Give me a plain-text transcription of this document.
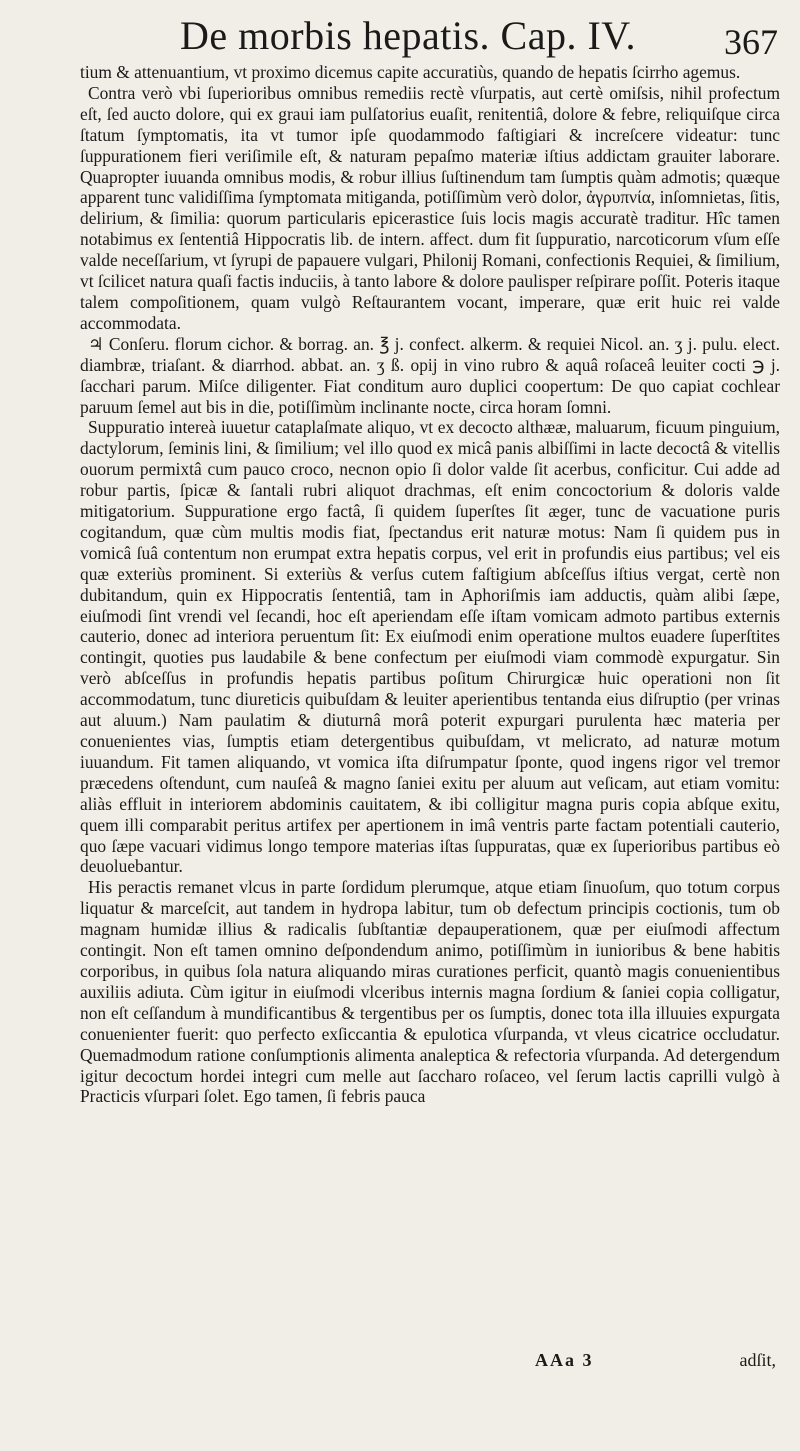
De morbis hepatis. Cap. IV. 367

tium & attenuantium, vt proximo dicemus capite accuratiùs, quando de hepatis ſcirrho agemus.

Contra verò vbi ſuperioribus omnibus remediis rectè vſurpatis, aut certè omiſsis, nihil profectum eſt, ſed aucto dolore, qui ex graui iam pulſatorius euaſit, renitentiâ, dolore & febre, reliquiſque circa ſtatum ſymptomatis, ita vt tumor ipſe quodammodo faſtigiari & increſcere videatur: tunc ſuppurationem fieri veriſimile eſt, & naturam pepaſmo materiæ iſtius addictam grauiter laborare. Quapropter iuuanda omnibus modis, & robur illius ſuſtinendum tam ſumptis quàm admotis; quæque apparent tunc validiſſima ſymptomata mitiganda, potiſſimùm verò dolor, ἀγρυπνία, inſomnietas, ſitis, delirium, & ſimilia: quorum particularis epicerastice ſuis locis magis accuratè traditur. Hîc tamen notabimus ex ſententiâ Hippocratis lib. de intern. affect. dum fit ſuppuratio, narcoticorum vſum eſſe valde neceſſarium, vt ſyrupi de papauere vulgari, Philonij Romani, confectionis Requiei, & ſimilium, vt ſcilicet natura quaſi factis induciis, à tanto labore & dolore paulisper reſpirare poſſit. Poteris itaque talem compoſitionem, quam vulgò Reſtaurantem vocant, imperare, quæ erit huic rei valde accommodata.

♃ Conſeru. florum cichor. & borrag. an. ℥ j. confect. alkerm. & requiei Nicol. an. ʒ j. pulu. elect. diambræ, triaſant. & diarrhod. abbat. an. ʒ ß. opij in vino rubro & aquâ roſaceâ leuiter cocti ℈ j. ſacchari parum. Miſce diligenter. Fiat conditum auro duplici coopertum: De quo capiat cochlear paruum ſemel aut bis in die, potiſſimùm inclinante nocte, circa horam ſomni.

Suppuratio intereà iuuetur cataplaſmate aliquo, vt ex decocto althææ, maluarum, ficuum pinguium, dactylorum, ſeminis lini, & ſimilium; vel illo quod ex micâ panis albiſſimi in lacte decoctâ & vitellis ouorum permixtâ cum pauco croco, necnon opio ſi dolor valde ſit acerbus, conficitur. Cui adde ad robur partis, ſpicæ & ſantali rubri aliquot drachmas, eſt enim concoctorium & doloris valde mitigatorium. Suppuratione ergo factâ, ſi quidem ſuperſtes ſit æger, tunc de vacuatione puris cogitandum, quæ cùm multis modis fiat, ſpectandus erit naturæ motus: Nam ſi quidem pus in vomicâ ſuâ contentum non erumpat extra hepatis corpus, vel erit in profundis eius partibus; vel eis quæ exteriùs prominent. Si exteriùs & verſus cutem faſtigium abſceſſus iſtius vergat, certè non dubitandum, quin ex Hippocratis ſententiâ, tam in Aphoriſmis iam adductis, quàm alibi ſæpe, eiuſmodi ſint vrendi vel ſecandi, hoc eſt aperiendam eſſe iſtam vomicam admoto partibus externis cauterio, donec ad interiora peruentum ſit: Ex eiuſmodi enim operatione multos euadere ſuperſtites contingit, quoties pus laudabile & bene confectum per eiuſmodi viam commodè expurgatur. Sin verò abſceſſus in profundis hepatis partibus poſitum Chirurgicæ huic operationi non ſit accommodatum, tunc diureticis quibuſdam & leuiter aperientibus tentanda eius diſruptio (per vrinas aut aluum.) Nam paulatim & diuturnâ morâ poterit expurgari purulenta hæc materia per conuenientes vias, ſumptis etiam detergentibus quibuſdam, vt melicrato, ad naturæ motum iuuandum. Fit tamen aliquando, vt vomica iſta diſrumpatur ſponte, quod ingens rigor vel tremor præcedens oſtendunt, cum nauſeâ & magno ſaniei exitu per aluum aut veſicam, aut etiam vomitu: aliàs effluit in interiorem abdominis cauitatem, & ibi colligitur magna puris copia abſque exitu, quem illi comparabit peritus artifex per apertionem in imâ ventris parte factam potentiali cauterio, quo ſæpe vacuari vidimus longo tempore materias iſtas ſuppuratas, quæ ex ſuperioribus partibus eò deuoluebantur.

His peractis remanet vlcus in parte ſordidum plerumque, atque etiam ſinuoſum, quo totum corpus liquatur & marceſcit, aut tandem in hydropa labitur, tum ob defectum principis coctionis, tum ob magnam humidæ illius & radicalis ſubſtantiæ depauperationem, quæ per eiuſmodi affectum contingit. Non eſt tamen omnino deſpondendum animo, potiſſimùm in iunioribus & bene habitis corporibus, in quibus ſola natura aliquando miras curationes perficit, quantò magis conuenientibus auxiliis adiuta. Cùm igitur in eiuſmodi vlceribus internis magna ſordium & ſaniei copia colligatur, non eſt ceſſandum à mundificantibus & tergentibus per os ſumptis, donec tota illa illuuies expurgata conuenienter fuerit: quo perfecto exſiccantia & epulotica vſurpanda, vt vleus cicatrice occludatur. Quemadmodum ratione conſumptionis alimenta analeptica & refectoria vſurpanda. Ad detergendum igitur decoctum hordei integri cum melle aut ſaccharo roſaceo, vel ſerum lactis caprilli vulgò à Practicis vſurpari ſolet. Ego tamen, ſi febris pauca

AAa 3	adſit,
